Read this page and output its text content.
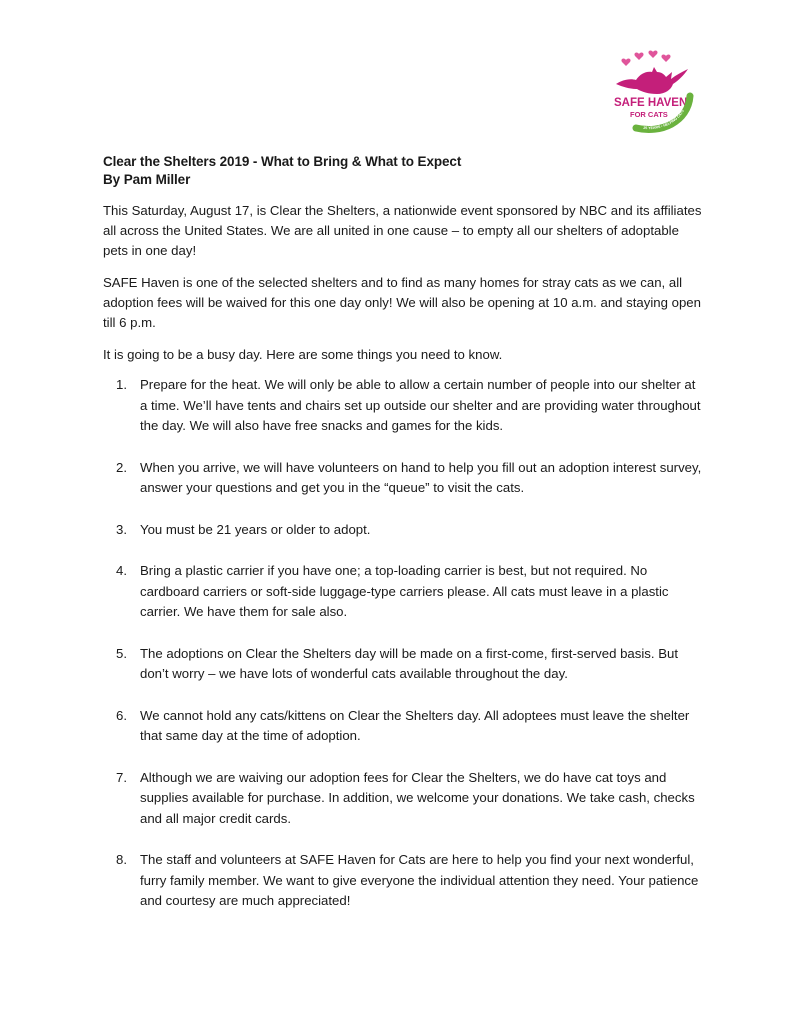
SAFE HAVEN
FOR CATS
25 YEARS • HELPING CATS

Clear the Shelters 2019 - What to Bring & What to Expect

By Pam Miller

This Saturday, August 17, is Clear the Shelters, a nationwide event sponsored by NBC and its affiliates all across the United States. We are all united in one cause – to empty all our shelters of adoptable pets in one day!

SAFE Haven is one of the selected shelters and to find as many homes for stray cats as we can, all adoption fees will be waived for this one day only! We will also be opening at 10 a.m. and staying open till 6 p.m.

It is going to be a busy day. Here are some things you need to know.

1. Prepare for the heat. We will only be able to allow a certain number of people into our shelter at a time. We’ll have tents and chairs set up outside our shelter and are providing water throughout the day. We will also have free snacks and games for the kids.
2. When you arrive, we will have volunteers on hand to help you fill out an adoption interest survey, answer your questions and get you in the “queue” to visit the cats.
3. You must be 21 years or older to adopt.
4. Bring a plastic carrier if you have one; a top-loading carrier is best, but not required. No cardboard carriers or soft-side luggage-type carriers please. All cats must leave in a plastic carrier. We have them for sale also.
5. The adoptions on Clear the Shelters day will be made on a first-come, first-served basis. But don’t worry – we have lots of wonderful cats available throughout the day.
6. We cannot hold any cats/kittens on Clear the Shelters day. All adoptees must leave the shelter that same day at the time of adoption.
7. Although we are waiving our adoption fees for Clear the Shelters, we do have cat toys and supplies available for purchase. In addition, we welcome your donations. We take cash, checks and all major credit cards.
8. The staff and volunteers at SAFE Haven for Cats are here to help you find your next wonderful, furry family member. We want to give everyone the individual attention they need. Your patience and courtesy are much appreciated!
